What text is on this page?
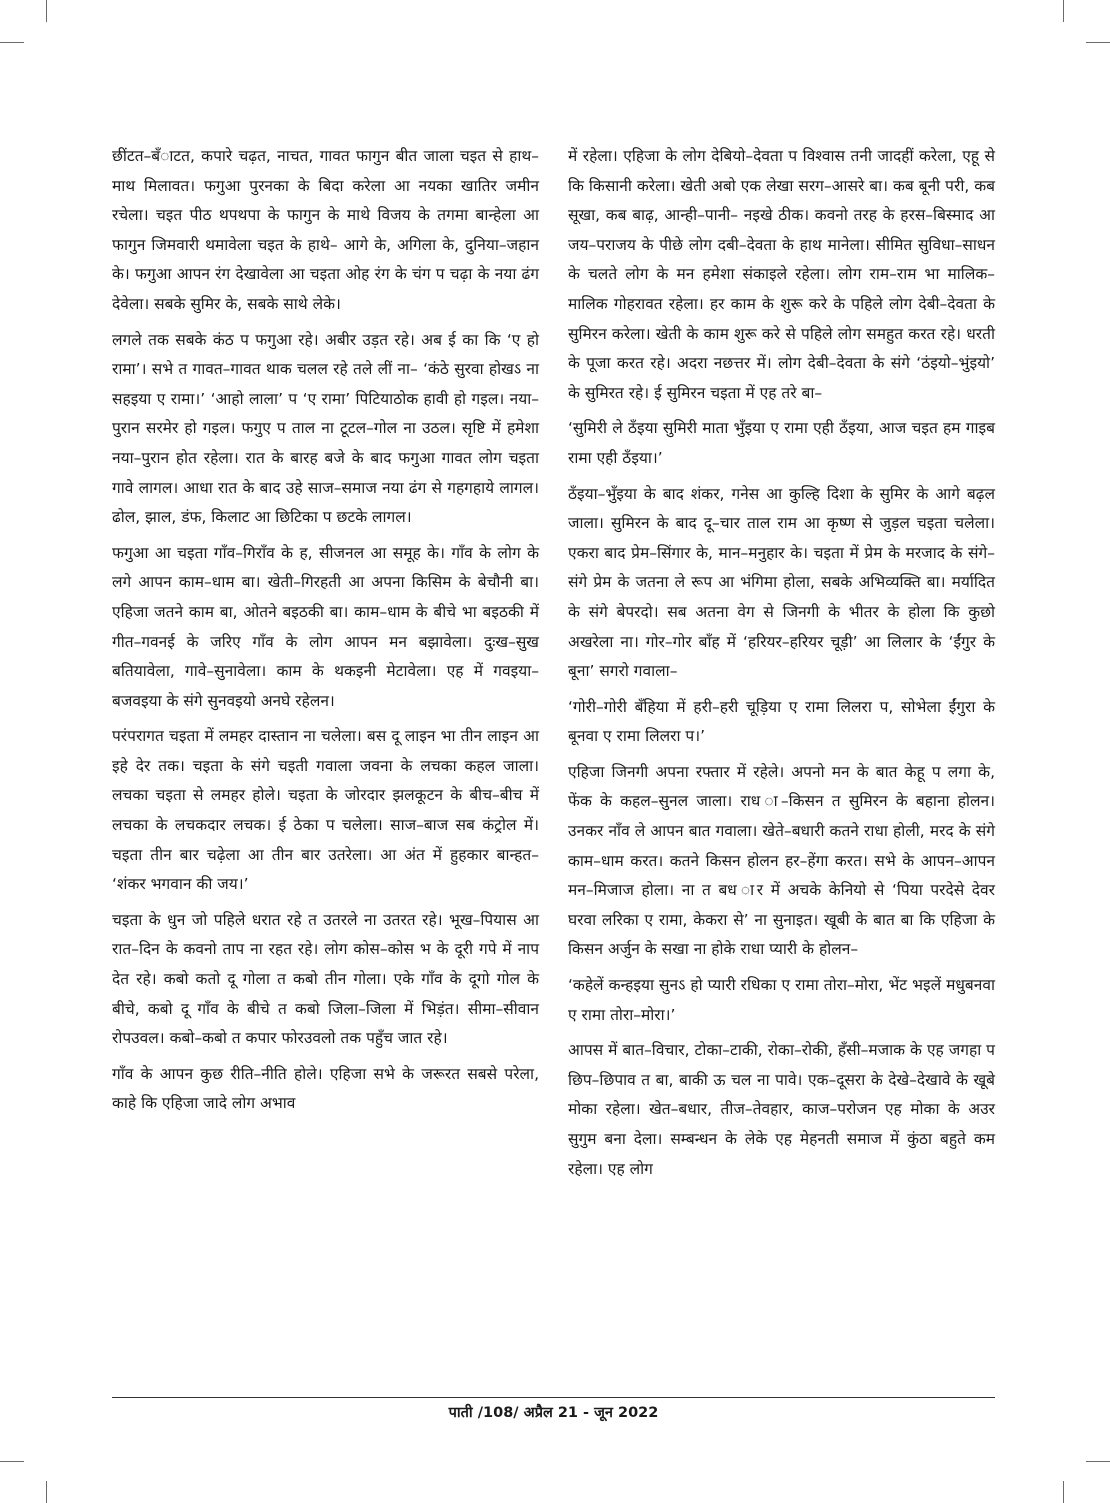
छींटत–बँाटत, कपारे चढ़त, नाचत, गावत फागुन बीत जाला चइत से हाथ–माथ मिलावत। फगुआ पुरनका के बिदा करेला आ नयका खातिर जमीन रचेला। चइत पीठ थपथपा के फागुन के माथे विजय के तगमा बान्हेला आ फागुन जिमवारी थमावेला चइत के हाथे– आगे के, अगिला के, दुनिया–जहान के। फगुआ आपन रंग देखावेला आ चइता ओह रंग के चंग प चढ़ा के नया ढंग देवेला। सबके सुमिर के, सबके साथे लेके।

लगले तक सबके कंठ प फगुआ रहे। अबीर उड़त रहे। अब ई का कि ‘ए हो रामा’। सभे त गावत–गावत थाक चलल रहे तले लीं ना– ‘कंठे सुरवा होखऽ ना सहइया ए रामा।’ ‘आहो लाला’ प ‘ए रामा’ पिटियाठोक हावी हो गइल। नया–पुरान सरमेर हो गइल। फगुए प ताल ना टूटल–गोल ना उठल। सृष्टि में हमेशा नया–पुरान होत रहेला। रात के बारह बजे के बाद फगुआ गावत लोग चइता गावे लागल। आधा रात के बाद उहे साज–समाज नया ढंग से गहगहाये लागल। ढोल, झाल, डंफ, किलाट आ छिटिका प छटके लागल।

फगुआ आ चइता गाँव–गिराँव के ह, सीजनल आ समूह के। गाँव के लोग के लगे आपन काम–धाम बा। खेती–गिरहती आ अपना किसिम के बेचौनी बा। एहिजा जतने काम बा, ओतने बइठकी बा। काम–धाम के बीचे भा बइठकी में गीत–गवनई के जरिए गाँव के लोग आपन मन बझावेला। दुःख–सुख बतियावेला, गावे–सुनावेला। काम के थकइनी मेटावेला। एह में गवइया–बजवइया के संगे सुनवइयो अनघे रहेलन।

परंपरागत चइता में लमहर दास्तान ना चलेला। बस दू लाइन भा तीन लाइन आ इहे देर तक। चइता के संगे चइती गवाला जवना के लचका कहल जाला। लचका चइता से लमहर होले। चइता के जोरदार झलकूटन के बीच–बीच में लचका के लचकदार लचक। ई ठेका प चलेला। साज–बाज सब कंट्रोल में। चइता तीन बार चढ़ेला आ तीन बार उतरेला। आ अंत में हुहकार बान्हत– ‘शंकर भगवान की जय।’

चइता के धुन जो पहिले धरात रहे त उतरले ना उतरत रहे। भूख–पियास आ रात–दिन के कवनो ताप ना रहत रहे। लोग कोस–कोस भ के दूरी गपे में नाप देत रहे। कबो कतो दू गोला त कबो तीन गोला। एके गाँव के दूगो गोल के बीचे, कबो दू गाँव के बीचे त कबो जिला–जिला में भिड़ंत। सीमा–सीवान रोपउवल। कबो–कबो त कपार फोरउवलो तक पहुँच जात रहे।

गाँव के आपन कुछ रीति–नीति होले। एहिजा सभे के जरूरत सबसे परेला, काहे कि एहिजा जादे लोग अभाव

में रहेला। एहिजा के लोग देबियो–देवता प विश्वास तनी जादहीं करेला, एहू से कि किसानी करेला। खेती अबो एक लेखा सरग–आसरे बा। कब बूनी परी, कब सूखा, कब बाढ़, आन्ही–पानी– नइखे ठीक। कवनो तरह के हरस–बिस्माद आ जय–पराजय के पीछे लोग दबी–देवता के हाथ मानेला। सीमित सुविधा–साधन के चलते लोग के मन हमेशा संकाइले रहेला। लोग राम–राम भा मालिक–मालिक गोहरावत रहेला। हर काम के शुरू करे के पहिले लोग देबी–देवता के सुमिरन करेला। खेती के काम शुरू करे से पहिले लोग समहुत करत रहे। धरती के पूजा करत रहे। अदरा नछत्तर में। लोग देबी–देवता के संगे ‘ठंइयो–भुंइयो’ के सुमिरत रहे। ई सुमिरन चइता में एह तरे बा–

‘सुमिरी ले ठँइया सुमिरी माता भुँइया ए रामा एही ठँइया, आज चइत हम गाइब रामा एही ठँइया।’

ठँइया–भुँइया के बाद शंकर, गनेस आ कुल्हि दिशा के सुमिर के आगे बढ़ल जाला। सुमिरन के बाद दू–चार ताल राम आ कृष्ण से जुड़ल चइता चलेला। एकरा बाद प्रेम–सिंगार के, मान–मनुहार के। चइता में प्रेम के मरजाद के संगे–संगे प्रेम के जतना ले रूप आ भंगिमा होला, सबके अभिव्यक्ति बा। मर्यादित के संगे बेपरदो। सब अतना वेग से जिनगी के भीतर के होला कि कुछो अखरेला ना। गोर–गोर बाँह में ‘हरियर–हरियर चूड़ी’ आ लिलार के ‘ईंगुर के बूना’ सगरो गवाला–

‘गोरी–गोरी बँहिया में हरी–हरी चूड़िया ए रामा लिलरा प, सोभेला ईंगुरा के बूनवा ए रामा लिलरा प।’

एहिजा जिनगी अपना रफ्तार में रहेले। अपनो मन के बात केहू प लगा के, फेंक के कहल–सुनल जाला। राध ा–किसन त सुमिरन के बहाना होलन। उनकर नाँव ले आपन बात गवाला। खेते–बधारी कतने राधा होली, मरद के संगे काम–धाम करत। कतने किसन होलन हर–हेंगा करत। सभे के आपन–आपन मन–मिजाज होला। ना त बध ार में अचके केनियो से ‘पिया परदेसे देवर घरवा लरिका ए रामा, केकरा से’ ना सुनाइत। खूबी के बात बा कि एहिजा के किसन अर्जुन के सखा ना होके राधा प्यारी के होलन–

‘कहेलें कन्हइया सुनऽ हो प्यारी रधिका ए रामा तोरा–मोरा, भेंट भइलें मधुबनवा ए रामा तोरा–मोरा।’

आपस में बात–विचार, टोका–टाकी, रोका–रोकी, हँसी–मजाक के एह जगहा प छिप–छिपाव त बा, बाकी ऊ चल ना पावे। एक–दूसरा के देखे–देखावे के खूबे मोका रहेला। खेत–बधार, तीज–तेवहार, काज–परोजन एह मोका के अउर सुगुम बना देला। सम्बन्धन के लेके एह मेहनती समाज में कुंठा बहुते कम रहेला। एह लोग

पाती /108/ अप्रैल 21 - जून 2022
